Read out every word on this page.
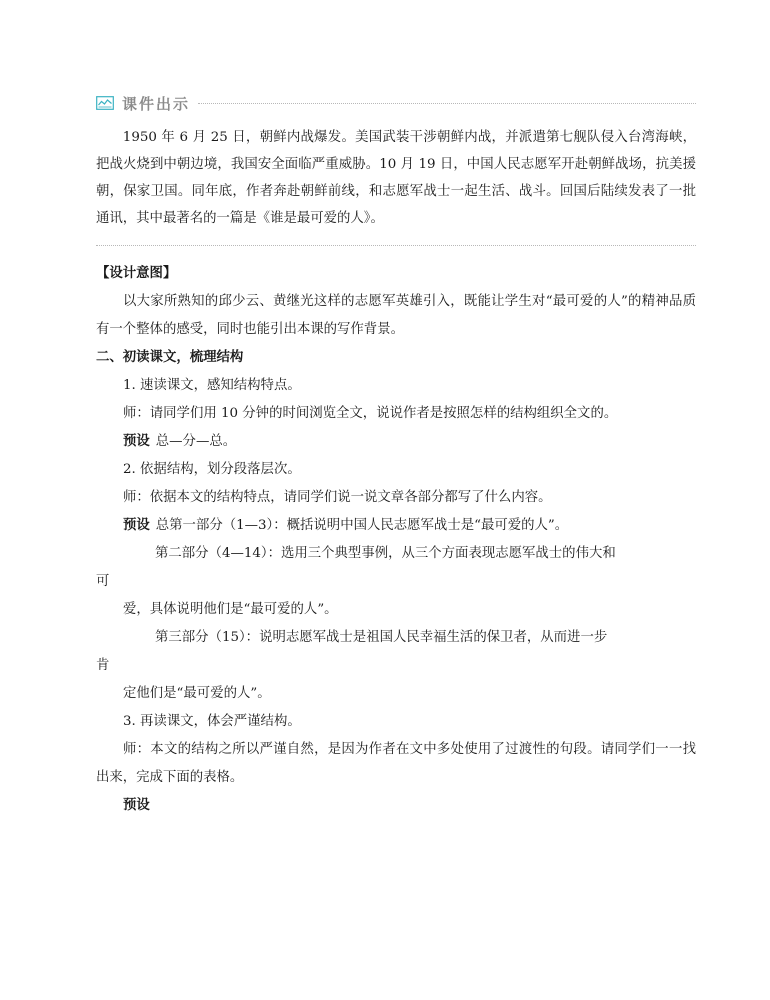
课件出示

1950 年 6 月 25 日，朝鲜内战爆发。美国武装干涉朝鲜内战，并派遣第七舰队侵入台湾海峡，把战火烧到中朝边境，我国安全面临严重威胁。10 月 19 日，中国人民志愿军开赴朝鲜战场，抗美援朝，保家卫国。同年底，作者奔赴朝鲜前线，和志愿军战士一起生活、战斗。回国后陆续发表了一批通讯，其中最著名的一篇是《谁是最可爱的人》。

【设计意图】

以大家所熟知的邱少云、黄继光这样的志愿军英雄引入，既能让学生对“最可爱的人”的精神品质有一个整体的感受，同时也能引出本课的写作背景。

二、初读课文，梳理结构

1. 速读课文，感知结构特点。

师：请同学们用 10 分钟的时间浏览全文，说说作者是按照怎样的结构组织全文的。

预设 总—分—总。

2. 依据结构，划分段落层次。

师：依据本文的结构特点，请同学们说一说文章各部分都写了什么内容。

预设 总第一部分（1—3）：概括说明中国人民志愿军战士是“最可爱的人”。

第二部分（4—14）：选用三个典型事例，从三个方面表现志愿军战士的伟大和

可

爱，具体说明他们是“最可爱的人”。

第三部分（15）：说明志愿军战士是祖国人民幸福生活的保卫者，从而进一步

肯

定他们是“最可爱的人”。

3. 再读课文，体会严谨结构。

师：本文的结构之所以严谨自然，是因为作者在文中多处使用了过渡性的句段。请同学们一一找出来，完成下面的表格。

预设
